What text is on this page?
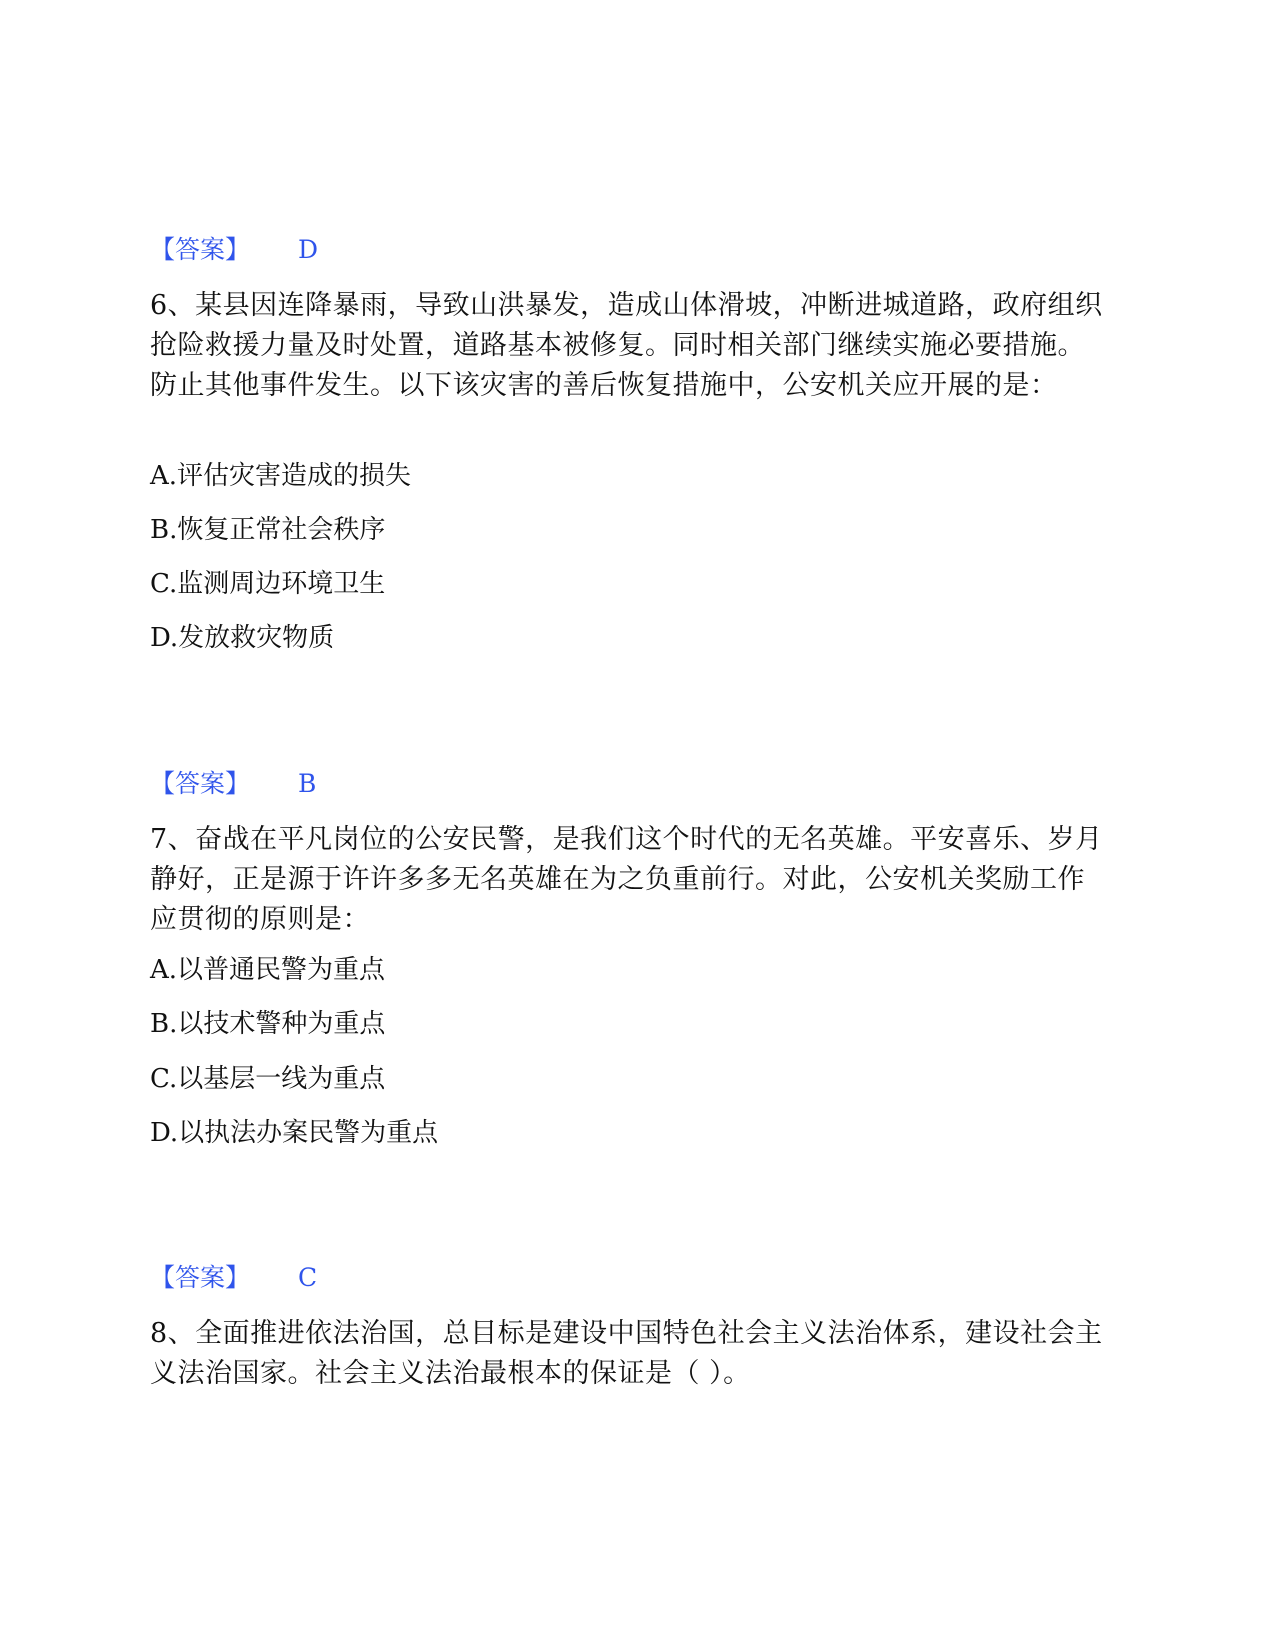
【答案】 D
6、某县因连降暴雨，导致山洪暴发，造成山体滑坡，冲断进城道路，政府组织抢险救援力量及时处置，道路基本被修复。同时相关部门继续实施必要措施。防止其他事件发生。以下该灾害的善后恢复措施中，公安机关应开展的是：
A.评估灾害造成的损失
B.恢复正常社会秩序
C.监测周边环境卫生
D.发放救灾物质
【答案】 B
7、奋战在平凡岗位的公安民警，是我们这个时代的无名英雄。平安喜乐、岁月静好，正是源于许许多多无名英雄在为之负重前行。对此，公安机关奖励工作应贯彻的原则是：
A.以普通民警为重点
B.以技术警种为重点
C.以基层一线为重点
D.以执法办案民警为重点
【答案】 C
8、全面推进依法治国，总目标是建设中国特色社会主义法治体系，建设社会主义法治国家。社会主义法治最根本的保证是（ ）。
